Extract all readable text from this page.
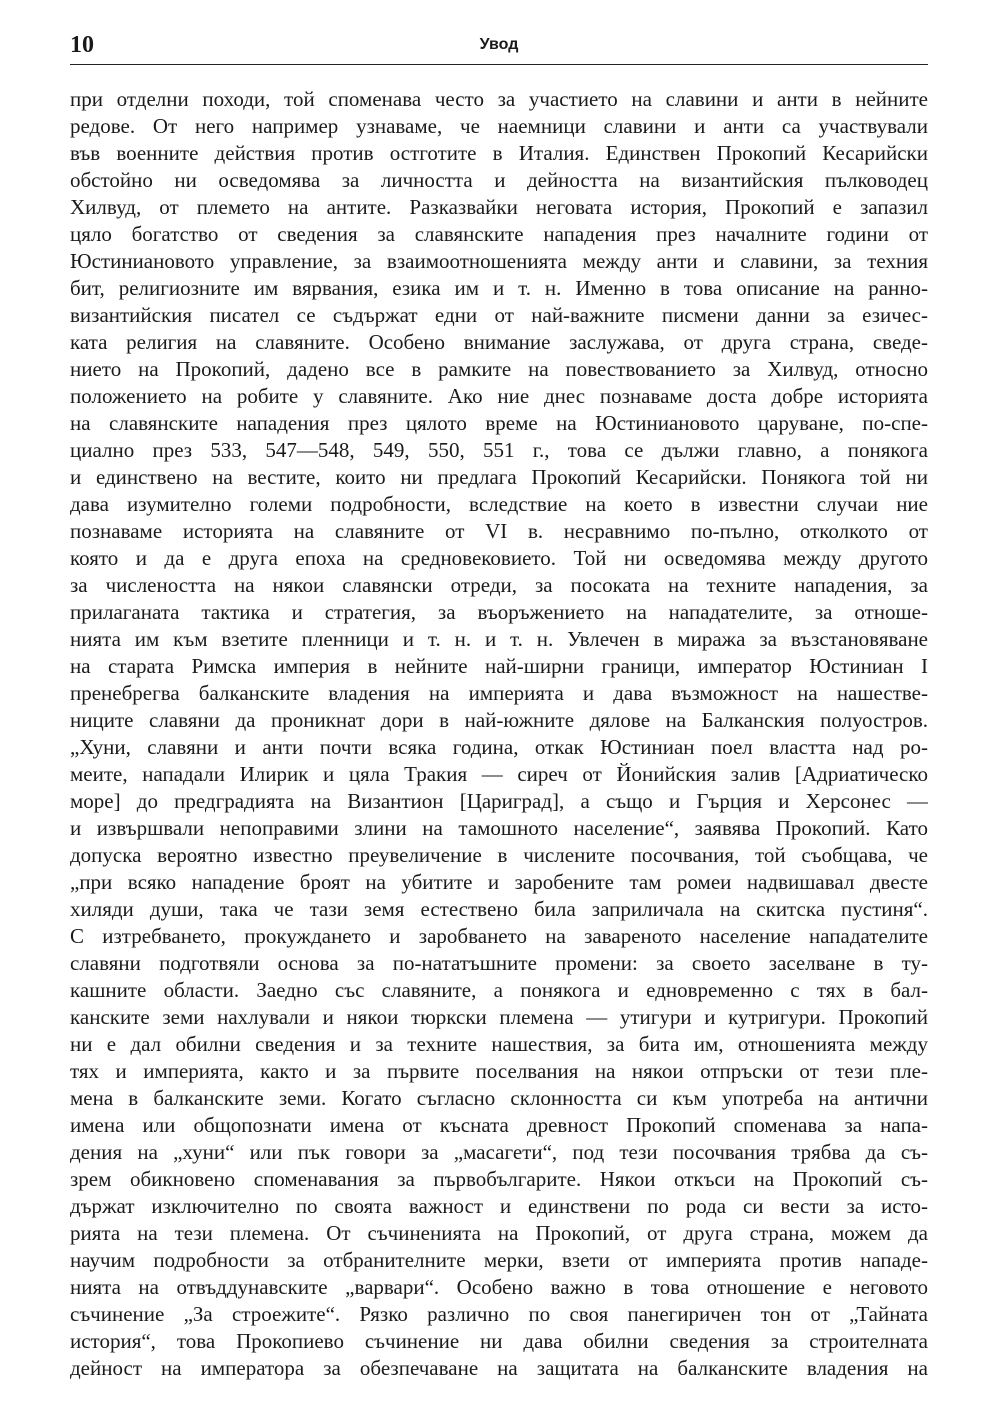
10	Увод
при отделни походи, той споменава често за участието на славини и анти в нейните
редове. От него например узнаваме, че наемници славини и анти са участвували
във военните действия против остготите в Италия. Единствен Прокопий Кесарийски
обстойно ни осведомява за личността и дейността на византийския пълководец
Хилвуд, от племето на антите. Разказвайки неговата история, Прокопий е запазил
цяло богатство от сведения за славянските нападения през началните години от
Юстиниановото управление, за взаимоотношенията между анти и славини, за техния
бит, религиозните им вярвания, езика им и т. н. Именно в това описание на ранно-
византийския писател се съдържат едни от най-важните писмени данни за езичес-
ката религия на славяните. Особено внимание заслужава, от друга страна, сведе-
нието на Прокопий, дадено все в рамките на повествованието за Хилвуд, относно
положението на робите у славяните. Ако ние днес познаваме доста добре историята
на славянските нападения през цялото време на Юстиниановото царуване, по-спе-
циално през 533, 547—548, 549, 550, 551 г., това се дължи главно, а понякога
и единствено на вестите, които ни предлага Прокопий Кесарийски. Понякога той ни
дава изумително големи подробности, вследствие на което в известни случаи ние
познаваме историята на славяните от VI в. несравнимо по-пълно, отколкото от
която и да е друга епоха на средновековието. Той ни осведомява между другото
за числеността на някои славянски отреди, за посоката на техните нападения, за
прилаганата тактика и стратегия, за въоръжението на нападателите, за отноше-
нията им към взетите пленници и т. н. и т. н. Увлечен в миража за възстановяване
на старата Римска империя в нейните най-ширни граници, император Юстиниан I
пренебрегва балканските владения на империята и дава възможност на нашестве-
ниците славяни да проникнат дори в най-южните дялове на Балканския полуостров.
„Хуни, славяни и анти почти всяка година, откак Юстиниан поел властта над ро-
меите, нападали Илирик и цяла Тракия — сиреч от Йонийския залив [Адриатическо
море] до предградията на Византион [Цариград], а също и Гърция и Херсонес —
и извършвали непоправими злини на тамошното население“, заявява Прокопий. Като
допуска вероятно известно преувеличение в числените посочвания, той съобщава, че
„при всяко нападение броят на убитите и заробените там ромеи надвишавал двесте
хиляди души, така че тази земя естествено била заприличала на скитска пустиня“.
С изтребването, прокуждането и заробването на завареното население нападателите
славяни подготвяли основа за по-нататъшните промени: за своето заселване в ту-
кашните области. Заедно със славяните, а понякога и едновременно с тях в бал-
канските земи нахлували и някои тюркски племена — утигури и кутригури. Прокопий
ни е дал обилни сведения и за техните нашествия, за бита им, отношенията между
тях и империята, както и за първите поселвания на някои отпръски от тези пле-
мена в балканските земи. Когато съгласно склонността си към употреба на антични
имена или общопознати имена от късната древност Прокопий споменава за напа-
дения на „хуни“ или пък говори за „масагети“, под тези посочвания трябва да съ-
зрем обикновено споменавания за първобългарите. Някои откъси на Прокопий съ-
държат изключително по своята важност и единствени по рода си вести за исто-
рията на тези племена. От съчиненията на Прокопий, от друга страна, можем да
научим подробности за отбранителните мерки, взети от империята против нападе-
нията на отвъддунавските „варвари“. Особено важно в това отношение е неговото
съчинение „За строежите“. Рязко различно по своя панегиричен тон от „Тайната
история“, това Прокопиево съчинение ни дава обилни сведения за строителната
дейност на императора за обезпечаване на защитата на балканските владения на
